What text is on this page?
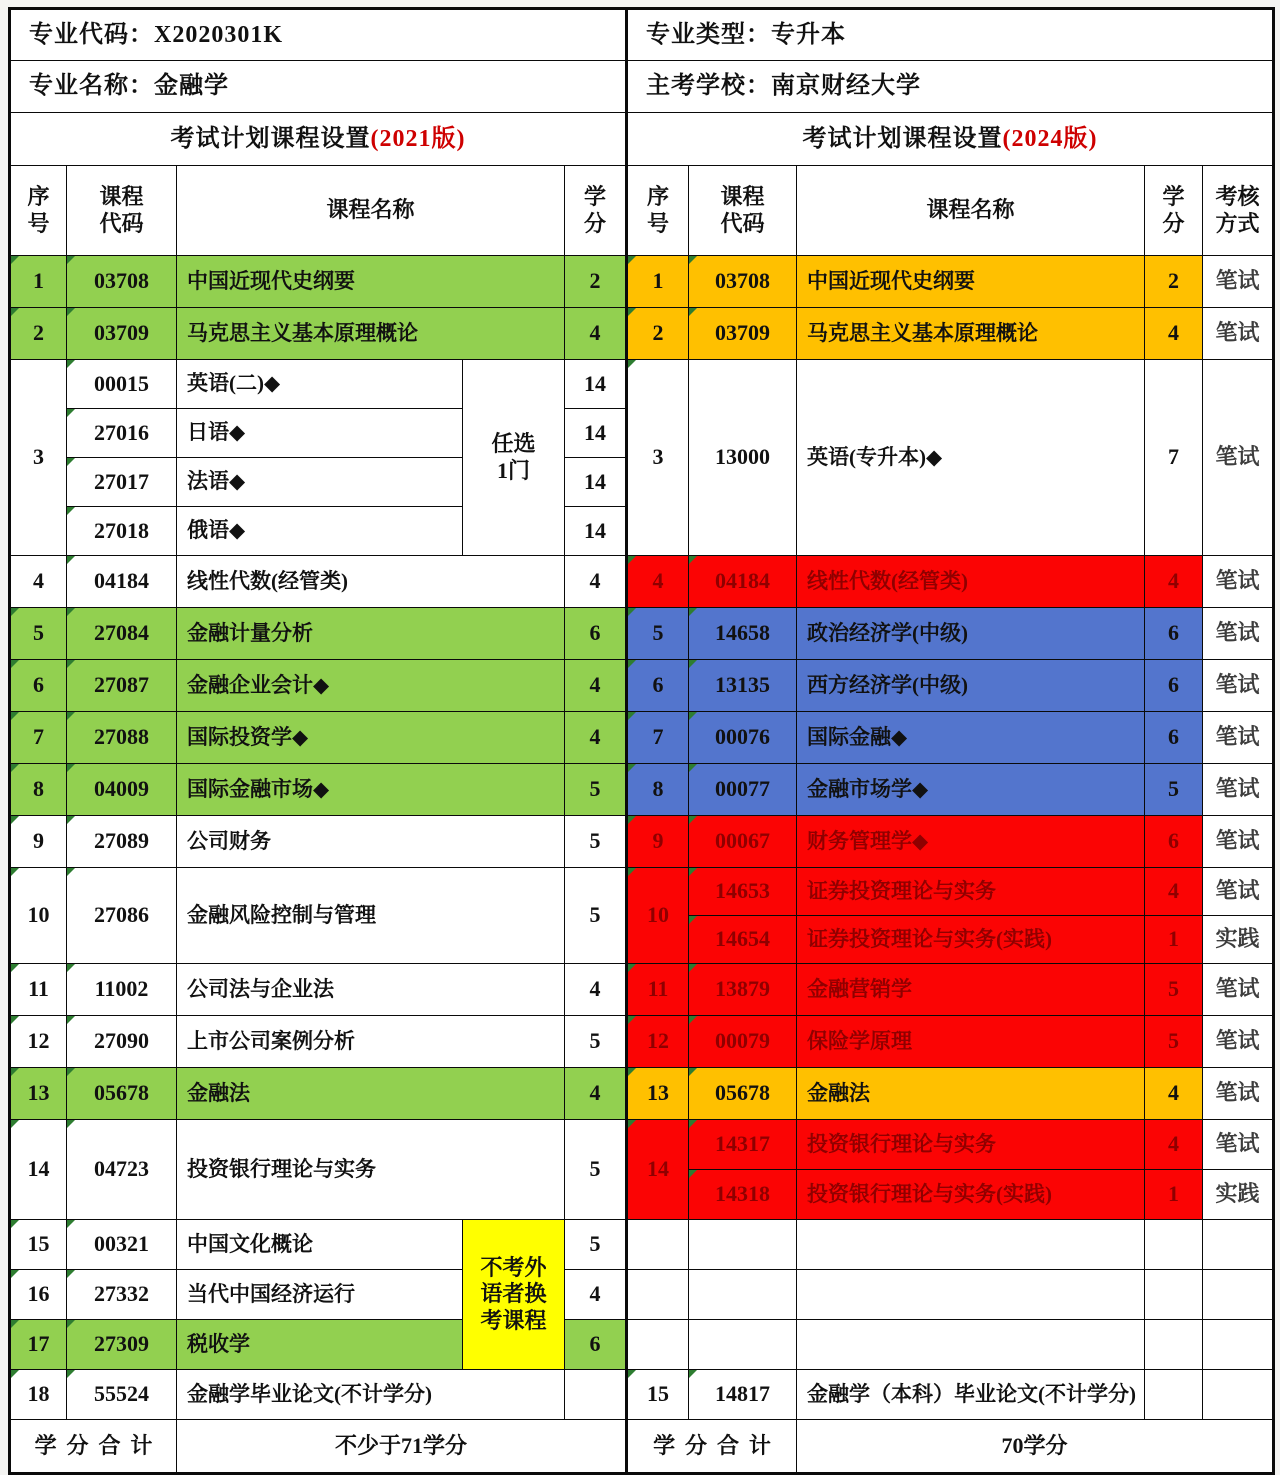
专业代码：X2020301K					专业类型：专升本				
专业名称：金融学					主考学校：南京财经大学				
考试计划课程设置(2021版)					考试计划课程设置(2024版)				
序号	课程代码	课程名称		学分	序号	课程代码	课程名称	学分	考核方式
1	03708	中国近现代史纲要		2	1	03708	中国近现代史纲要	2	笔试
2	03709	马克思主义基本原理概论		4	2	03709	马克思主义基本原理概论	4	笔试
3	00015	英语(二)◆	任选1门	14	3	13000	英语(专升本)◆	7	笔试
	27016	日语◆		14					
	27017	法语◆		14					
	27018	俄语◆		14					
4	04184	线性代数(经管类)		4	4	04184	线性代数(经管类)	4	笔试
5	27084	金融计量分析		6	5	14658	政治经济学(中级)	6	笔试
6	27087	金融企业会计◆		4	6	13135	西方经济学(中级)	6	笔试
7	27088	国际投资学◆		4	7	00076	国际金融◆	6	笔试
8	04009	国际金融市场◆		5	8	00077	金融市场学◆	5	笔试
9	27089	公司财务		5	9	00067	财务管理学◆	6	笔试
10	27086	金融风险控制与管理		5	10	14653	证券投资理论与实务	4	笔试
						14654	证券投资理论与实务(实践)	1	实践
11	11002	公司法与企业法		4	11	13879	金融营销学	5	笔试
12	27090	上市公司案例分析		5	12	00079	保险学原理	5	笔试
13	05678	金融法		4	13	05678	金融法	4	笔试
14	04723	投资银行理论与实务		5	14	14317	投资银行理论与实务	4	笔试
						14318	投资银行理论与实务(实践)	1	实践
15	00321	中国文化概论	不考外语者换考课程	5					
16	27332	当代中国经济运行		4					
17	27309	税收学		6					
18	55524	金融学毕业论文(不计学分)			15	14817	金融学（本科）毕业论文(不计学分)		
学分合计		不少于71学分			学分合计		70学分		
